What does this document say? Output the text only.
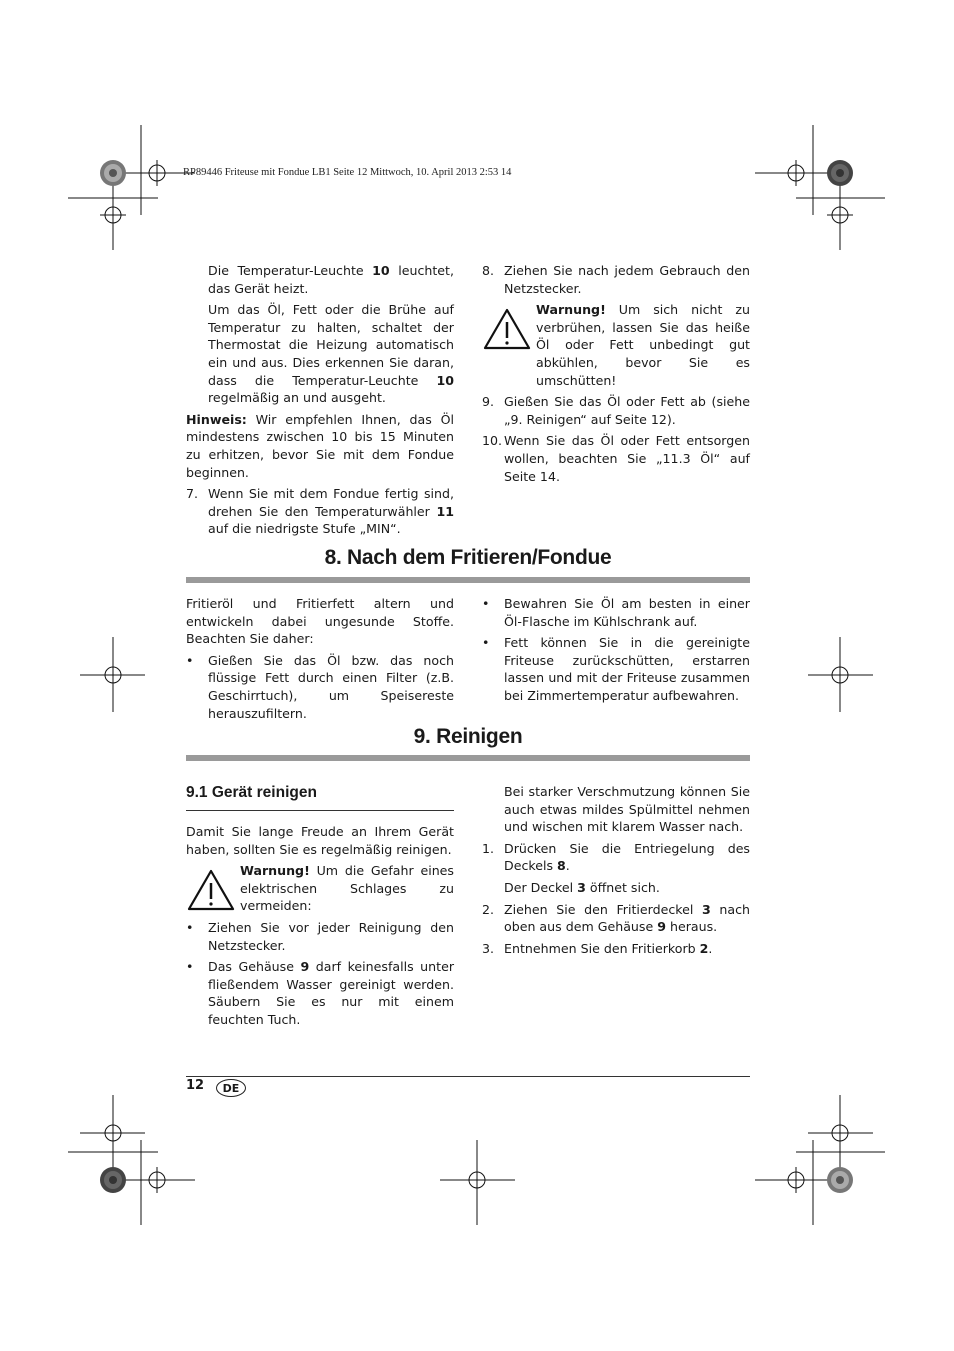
RP89446 Friteuse mit Fondue LB1 Seite 12 Mittwoch, 10. April 2013 2:53 14

Die Temperatur-Leuchte 10 leuchtet, das Gerät heizt.

Um das Öl, Fett oder die Brühe auf Temperatur zu halten, schaltet der Thermostat die Heizung automatisch ein und aus. Dies erkennen Sie daran, dass die Temperatur-Leuchte 10 regelmäßig an und ausgeht.

Hinweis: Wir empfehlen Ihnen, das Öl mindestens zwischen 10 bis 15 Minuten zu erhitzen, bevor Sie mit dem Fondue beginnen.

7. Wenn Sie mit dem Fondue fertig sind, drehen Sie den Temperaturwähler 11 auf die niedrigste Stufe „MIN“.
8. Ziehen Sie nach jedem Gebrauch den Netzstecker.
Warnung! Um sich nicht zu verbrühen, lassen Sie das heiße Öl oder Fett unbedingt gut abkühlen, bevor Sie es umschütten!
9. Gießen Sie das Öl oder Fett ab (siehe „9. Reinigen“ auf Seite 12).
10. Wenn Sie das Öl oder Fett entsorgen wollen, beachten Sie „11.3 Öl“ auf Seite 14.
8. Nach dem Fritieren/Fondue

Fritieröl und Fritierfett altern und entwickeln dabei ungesunde Stoffe. Beachten Sie daher:

• Gießen Sie das Öl bzw. das noch flüssige Fett durch einen Filter (z.B. Geschirrtuch), um Speisereste herauszufiltern.
• Bewahren Sie Öl am besten in einer Öl-Flasche im Kühlschrank auf.
• Fett können Sie in die gereinigte Friteuse zurückschütten, erstarren lassen und mit der Friteuse zusammen bei Zimmertemperatur aufbewahren.
9. Reinigen
9.1 Gerät reinigen

Damit Sie lange Freude an Ihrem Gerät haben, sollten Sie es regelmäßig reinigen.

Warnung! Um die Gefahr eines elektrischen Schlages zu vermeiden:
• Ziehen Sie vor jeder Reinigung den Netzstecker.
• Das Gehäuse 9 darf keinesfalls unter fließendem Wasser gereinigt werden. Säubern Sie es nur mit einem feuchten Tuch.

Bei starker Verschmutzung können Sie auch etwas mildes Spülmittel nehmen und wischen mit klarem Wasser nach.

1. Drücken Sie die Entriegelung des Deckels 8.

Der Deckel 3 öffnet sich.

2. Ziehen Sie den Fritierdeckel 3 nach oben aus dem Gehäuse 9 heraus.
3. Entnehmen Sie den Fritierkorb 2.
12	DE
